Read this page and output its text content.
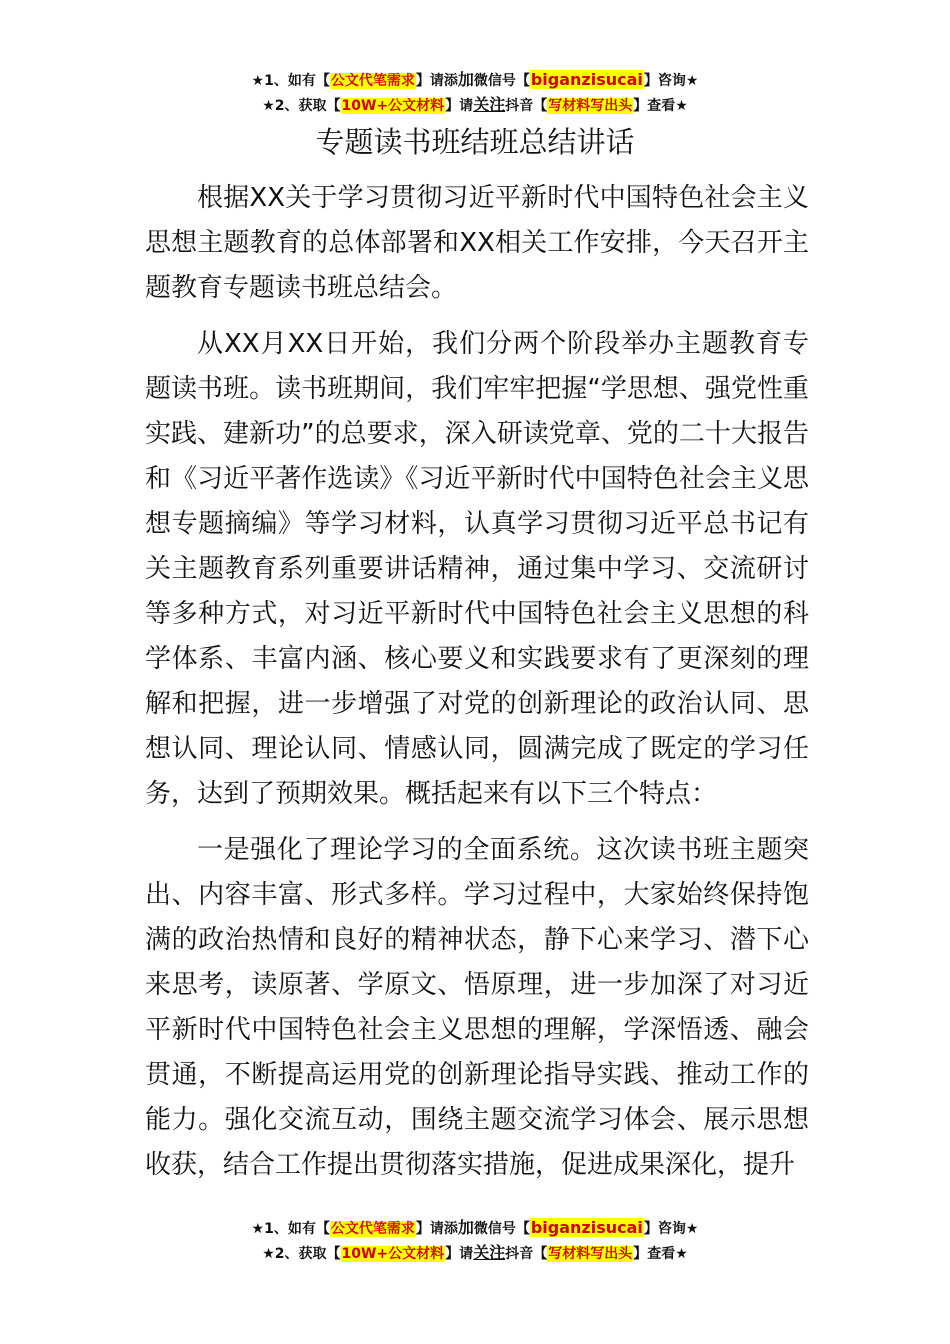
★1、如有【公文代笔需求】请添加微信号【biganzisucai】咨询★
★2、获取【10W+公文材料】请关注抖音【写材料写出头】查看★
专题读书班结班总结讲话

根据XX关于学习贯彻习近平新时代中国特色社会主义思想主题教育的总体部署和XX相关工作安排，今天召开主题教育专题读书班总结会。

从XX月XX日开始，我们分两个阶段举办主题教育专题读书班。读书班期间，我们牢牢把握“学思想、强党性重实践、建新功”的总要求，深入研读党章、党的二十大报告和《习近平著作选读》《习近平新时代中国特色社会主义思想专题摘编》等学习材料，认真学习贯彻习近平总书记有关主题教育系列重要讲话精神，通过集中学习、交流研讨等多种方式，对习近平新时代中国特色社会主义思想的科学体系、丰富内涵、核心要义和实践要求有了更深刻的理解和把握，进一步增强了对党的创新理论的政治认同、思想认同、理论认同、情感认同，圆满完成了既定的学习任务，达到了预期效果。概括起来有以下三个特点：

一是强化了理论学习的全面系统。这次读书班主题突出、内容丰富、形式多样。学习过程中，大家始终保持饱满的政治热情和良好的精神状态，静下心来学习、潜下心来思考，读原著、学原文、悟原理，进一步加深了对习近平新时代中国特色社会主义思想的理解，学深悟透、融会贯通，不断提高运用党的创新理论指导实践、推动工作的能力。强化交流互动，围绕主题交流学习体会、展示思想收获，结合工作提出贯彻落实措施，促进成果深化，提升

★1、如有【公文代笔需求】请添加微信号【biganzisucai】咨询★
★2、获取【10W+公文材料】请关注抖音【写材料写出头】查看★
